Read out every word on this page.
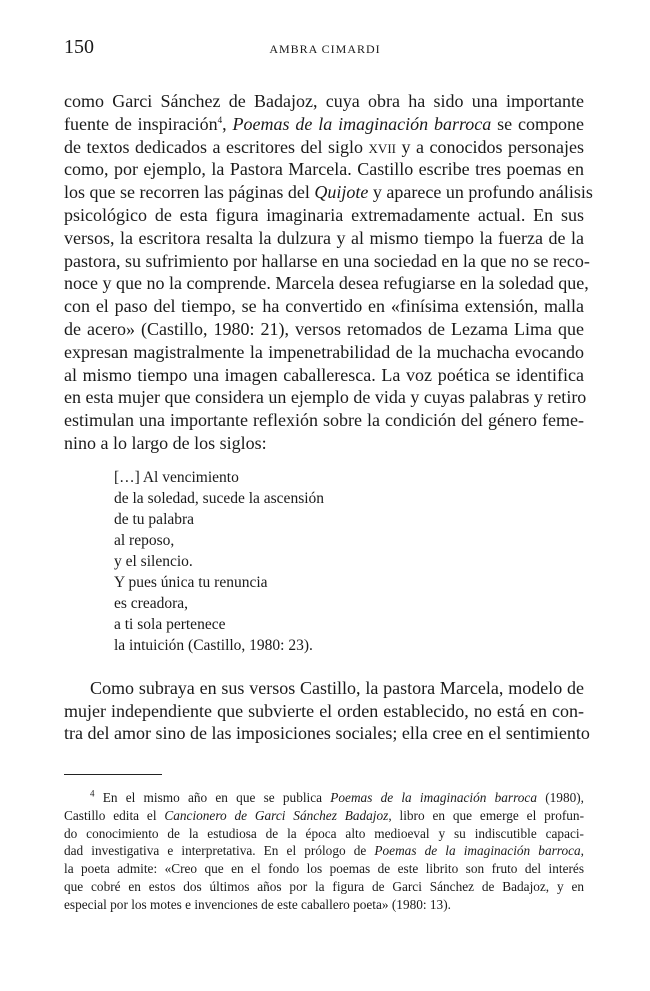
150	AMBRA CIMARDI

como Garci Sánchez de Badajoz, cuya obra ha sido una importante
fuente de inspiración$^4$, Poemas de la imaginación barroca se compone
de textos dedicados a escritores del siglo xvii y a conocidos personajes
como, por ejemplo, la Pastora Marcela. Castillo escribe tres poemas en
los que se recorren las páginas del Quijote y aparece un profundo análisis
psicológico de esta figura imaginaria extremadamente actual. En sus
versos, la escritora resalta la dulzura y al mismo tiempo la fuerza de la
pastora, su sufrimiento por hallarse en una sociedad en la que no se reco-
noce y que no la comprende. Marcela desea refugiarse en la soledad que,
con el paso del tiempo, se ha convertido en «finísima extensión, malla
de acero» (Castillo, 1980: 21), versos retomados de Lezama Lima que
expresan magistralmente la impenetrabilidad de la muchacha evocando
al mismo tiempo una imagen caballeresca. La voz poética se identifica
en esta mujer que considera un ejemplo de vida y cuyas palabras y retiro
estimulan una importante reflexión sobre la condición del género feme-
nino a lo largo de los siglos:

[…] Al vencimiento
de la soledad, sucede la ascensión
de tu palabra
al reposo,
y el silencio.
Y pues única tu renuncia
es creadora,
a ti sola pertenece
la intuición (Castillo, 1980: 23).

Como subraya en sus versos Castillo, la pastora Marcela, modelo de
mujer independiente que subvierte el orden establecido, no está en con-
tra del amor sino de las imposiciones sociales; ella cree en el sentimiento

$^4$ En el mismo año en que se publica Poemas de la imaginación barroca (1980),
Castillo edita el Cancionero de Garci Sánchez Badajoz, libro en que emerge el profun-
do conocimiento de la estudiosa de la época alto medioeval y su indiscutible capaci-
dad investigativa e interpretativa. En el prólogo de Poemas de la imaginación barroca,
la poeta admite: «Creo que en el fondo los poemas de este librito son fruto del interés
que cobré en estos dos últimos años por la figura de Garci Sánchez de Badajoz, y en
especial por los motes e invenciones de este caballero poeta» (1980: 13).
